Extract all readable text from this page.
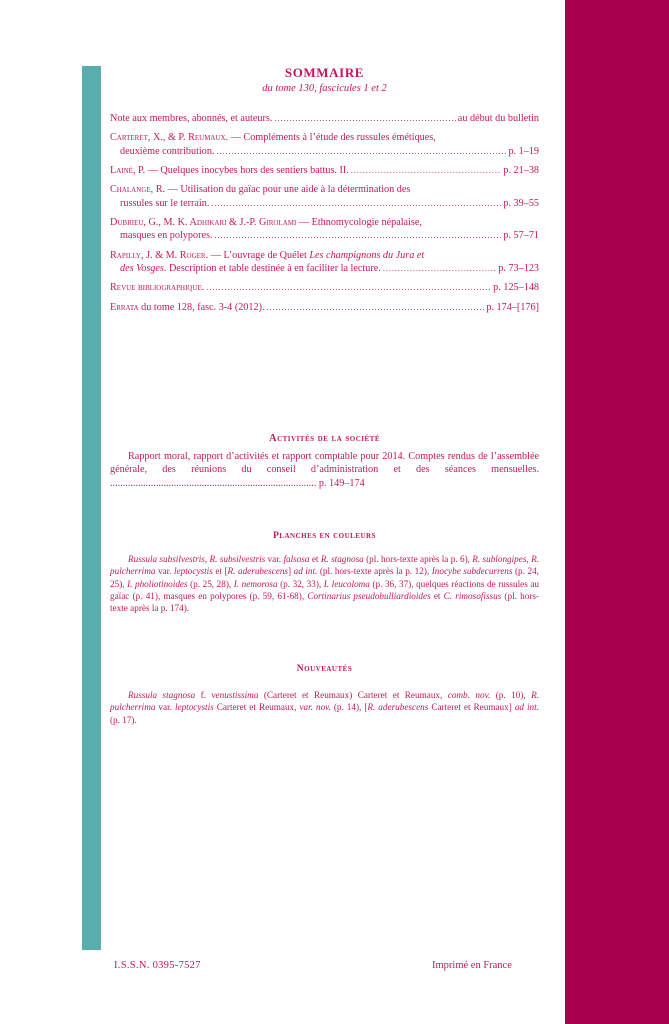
SOMMAIRE
du tome 130, fascicules 1 et 2
Note aux membres, abonnés, et auteurs. .....	au début du bulletin
Carteret, X., & P. Reumaux. — Compléments à l’étude des russules émétiques,
deuxième contribution. .....	p. 1–19
Lainé, P. — Quelques inocybes hors des sentiers battus. II. .....	p. 21–38
Chalange, R. — Utilisation du gaïac pour une aide à la détermination des
russules sur le terrain. .....	p. 39–55
Dubrieu, G., M. K. Adhikari & J.-P. Girolami — Ethnomycologie népalaise,
masques en polypores. .....	p. 57–71
Rapilly, J. & M. Roger. — L’ouvrage de Quélet Les champignons du Jura et
des Vosges. Description et table destinée à en faciliter la lecture. .....	p. 73–123
Revue bibliographique. .....	p. 125–148
Errata du tome 128, fasc. 3-4 (2012). .....	p. 174–[176]
Activités de la société
Rapport moral, rapport d’activités et rapport comptable pour 2014. Comptes rendus de l’assemblée générale, des réunions du conseil d’administration et des séances mensuelles. ................................................................................. p. 149–174
Planches en couleurs
Russula subsilvestris, R. subsilvestris var. falsosa et R. stagnosa (pl. hors-texte après la p. 6), R. sublongipes, R. pulcherrima var. leptocystis et [R. aderubescens] ad int. (pl. hors-texte après la p. 12), Inocybe subdecurrens (p. 24, 25), I. pholiotinoides (p. 25, 28), I. nemorosa (p. 32, 33), I. leucoloma (p. 36, 37), quelques réactions de russules au gaïac (p. 41), masques en polypores (p. 59, 61-68), Cortinarius pseudobulliardioides et C. rimosofissus (pl. hors-texte après la p. 174).
Nouveautés
Russula stagnosa f. venustissima (Carteret et Reumaux) Carteret et Reumaux, comb. nov. (p. 10), R. pulcherrima var. leptocystis Carteret et Reumaux, var. nov. (p. 14), [R. aderubescens Carteret et Reumaux] ad int. (p. 17).
I.S.S.N. 0395-7527	Imprimé en France
